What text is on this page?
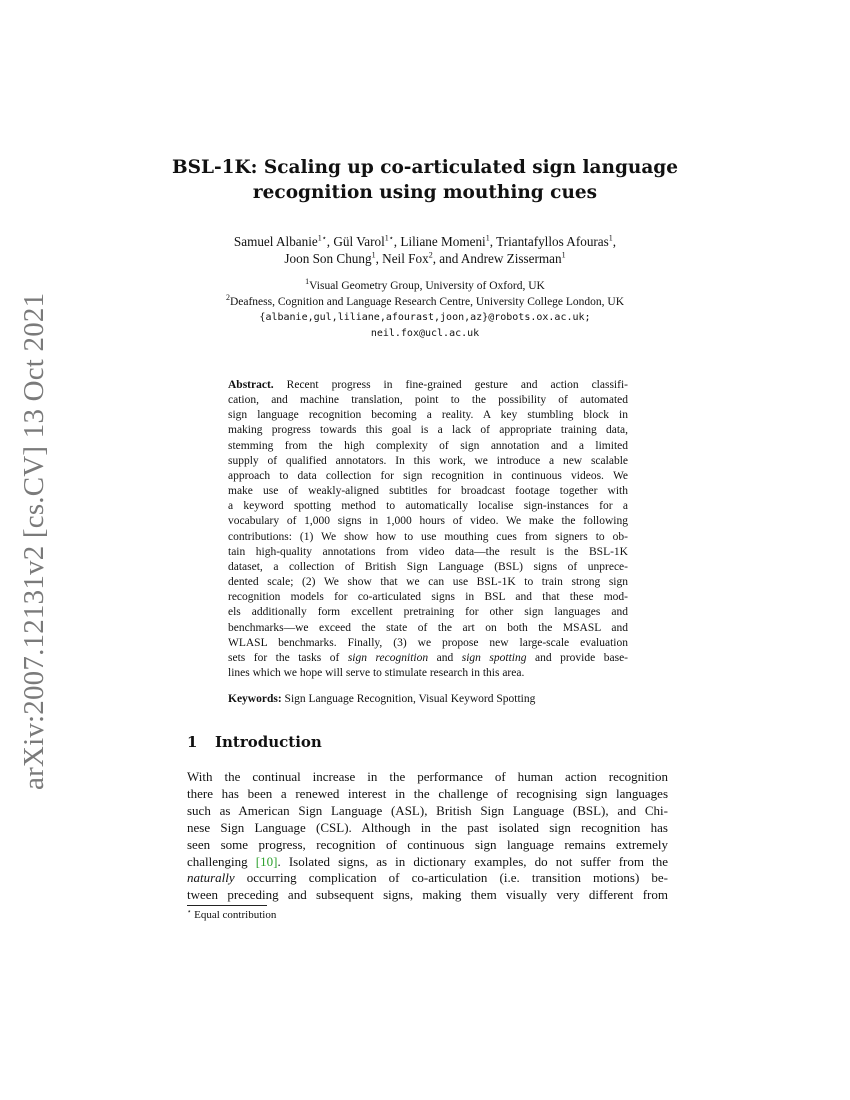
arXiv:2007.12131v2 [cs.CV] 13 Oct 2021
BSL-1K: Scaling up co-articulated sign language
recognition using mouthing cues
Samuel Albanie$^{1⋆}$, Gül Varol$^{1⋆}$, Liliane Momeni$^1$, Triantafyllos Afouras$^1$,
Joon Son Chung$^1$, Neil Fox$^2$, and Andrew Zisserman$^1$
$^1$Visual Geometry Group, University of Oxford, UK
$^2$Deafness, Cognition and Language Research Centre, University College London, UK
{albanie,gul,liliane,afourast,joon,az}@robots.ox.ac.uk;
neil.fox@ucl.ac.uk
Abstract. Recent progress in fine-grained gesture and action classifi-
cation, and machine translation, point to the possibility of automated
sign language recognition becoming a reality. A key stumbling block in
making progress towards this goal is a lack of appropriate training data,
stemming from the high complexity of sign annotation and a limited
supply of qualified annotators. In this work, we introduce a new scalable
approach to data collection for sign recognition in continuous videos. We
make use of weakly-aligned subtitles for broadcast footage together with
a keyword spotting method to automatically localise sign-instances for a
vocabulary of 1,000 signs in 1,000 hours of video. We make the following
contributions: (1) We show how to use mouthing cues from signers to ob-
tain high-quality annotations from video data—the result is the BSL-1K
dataset, a collection of British Sign Language (BSL) signs of unprece-
dented scale; (2) We show that we can use BSL-1K to train strong sign
recognition models for co-articulated signs in BSL and that these mod-
els additionally form excellent pretraining for other sign languages and
benchmarks—we exceed the state of the art on both the MSASL and
WLASL benchmarks. Finally, (3) we propose new large-scale evaluation
sets for the tasks of sign recognition and sign spotting and provide base-
lines which we hope will serve to stimulate research in this area.
Keywords: Sign Language Recognition, Visual Keyword Spotting
1 Introduction
With the continual increase in the performance of human action recognition
there has been a renewed interest in the challenge of recognising sign languages
such as American Sign Language (ASL), British Sign Language (BSL), and Chi-
nese Sign Language (CSL). Although in the past isolated sign recognition has
seen some progress, recognition of continuous sign language remains extremely
challenging [10]. Isolated signs, as in dictionary examples, do not suffer from the
naturally occurring complication of co-articulation (i.e. transition motions) be-
tween preceding and subsequent signs, making them visually very different from
⋆ Equal contribution
